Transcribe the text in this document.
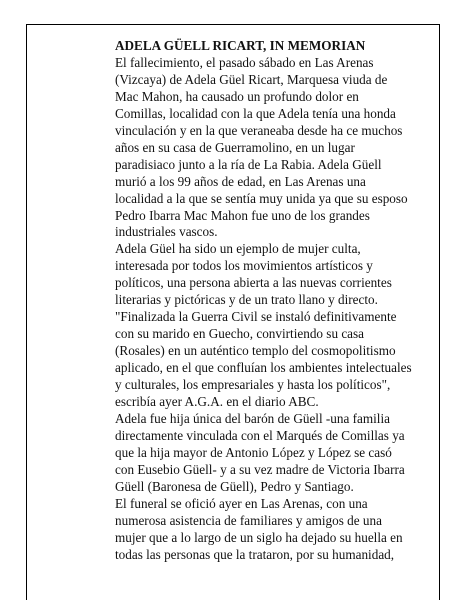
ADELA GÜELL RICART, IN MEMORIAN

El fallecimiento, el pasado sábado en Las Arenas
(Vizcaya) de Adela Güel Ricart, Marquesa viuda de
Mac Mahon, ha causado un profundo dolor en
Comillas, localidad con la que Adela tenía una honda
vinculación y en la que veraneaba desde ha ce muchos
años en su casa de Guerramolino, en un lugar
paradisiaco junto a la ría de La Rabia. Adela Güell
murió a los 99 años de edad, en Las Arenas una
localidad a la que se sentía muy unida ya que su esposo
Pedro Ibarra Mac Mahon fue uno de los grandes
industriales vascos.

Adela Güel ha sido un ejemplo de mujer culta,
interesada por todos los movimientos artísticos y
políticos, una persona abierta a las nuevas corrientes
literarias y pictóricas y de un trato llano y directo.
"Finalizada la Guerra Civil se instaló definitivamente
con su marido en Guecho, convirtiendo su casa
(Rosales) en un auténtico templo del cosmopolitismo
aplicado, en el que confluían los ambientes intelectuales
y culturales, los empresariales y hasta los políticos",
escribía ayer A.G.A. en el diario ABC.

Adela fue hija única del barón de Güell -una familia
directamente vinculada con el Marqués de Comillas ya
que la hija mayor de Antonio López y López se casó
con Eusebio Güell- y a su vez madre de Victoria Ibarra
Güell (Baronesa de Güell), Pedro y Santiago.

El funeral se ofició ayer en Las Arenas, con una
numerosa asistencia de familiares y amigos de una
mujer que a lo largo de un siglo ha dejado su huella en
todas las personas que la trataron, por su humanidad,
